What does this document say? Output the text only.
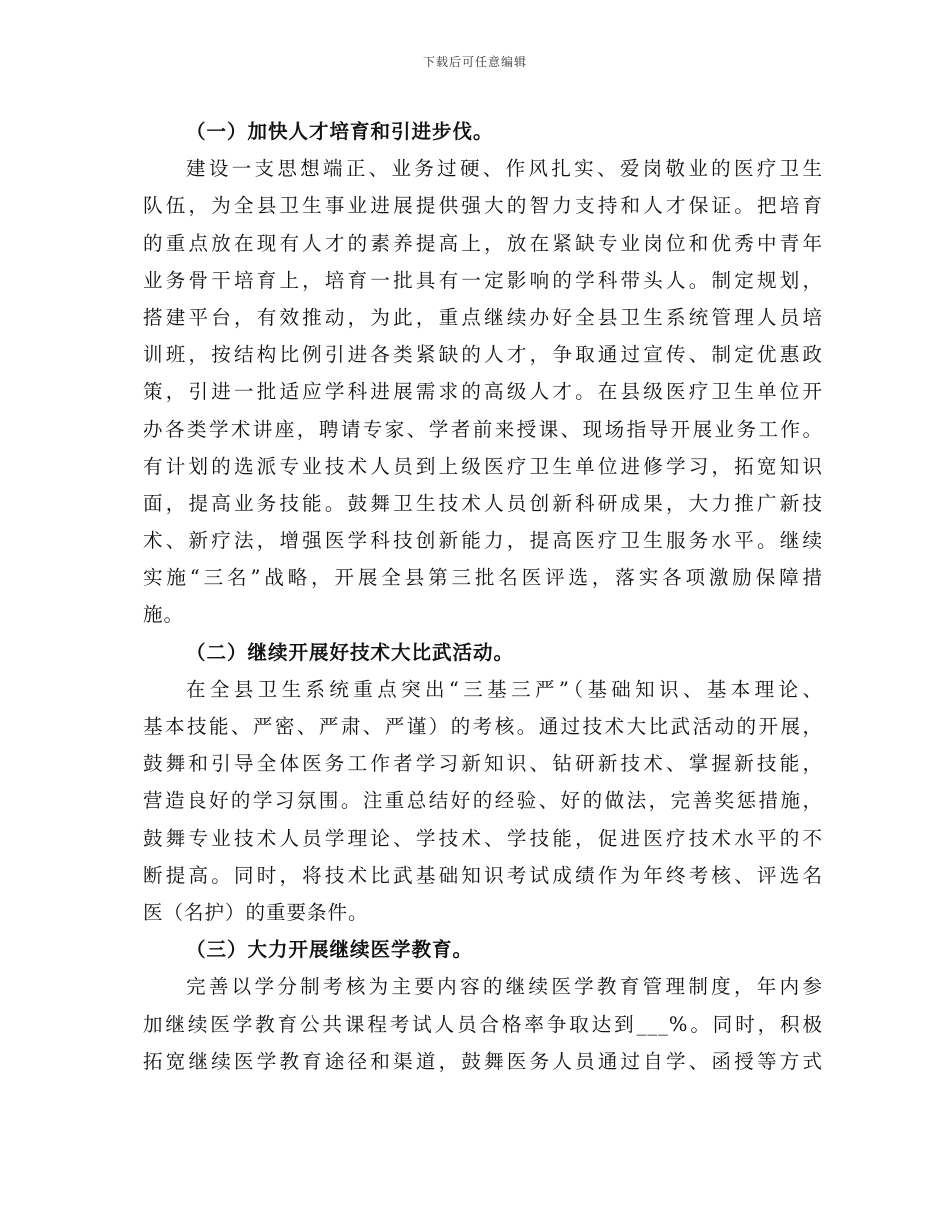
下载后可任意编辑

（一）加快人才培育和引进步伐。

建设一支思想端正、业务过硬、作风扎实、爱岗敬业的医疗卫生

队伍，为全县卫生事业进展提供强大的智力支持和人才保证。把培育

的重点放在现有人才的素养提高上，放在紧缺专业岗位和优秀中青年

业务骨干培育上，培育一批具有一定影响的学科带头人。制定规划，

搭建平台，有效推动，为此，重点继续办好全县卫生系统管理人员培

训班，按结构比例引进各类紧缺的人才，争取通过宣传、制定优惠政

策，引进一批适应学科进展需求的高级人才。在县级医疗卫生单位开

办各类学术讲座，聘请专家、学者前来授课、现场指导开展业务工作。

有计划的选派专业技术人员到上级医疗卫生单位进修学习，拓宽知识

面，提高业务技能。鼓舞卫生技术人员创新科研成果，大力推广新技

术、新疗法，增强医学科技创新能力，提高医疗卫生服务水平。继续

实施“三名”战略，开展全县第三批名医评选，落实各项激励保障措

施。

（二）继续开展好技术大比武活动。

在全县卫生系统重点突出“三基三严”（基础知识、基本理论、

基本技能、严密、严肃、严谨）的考核。通过技术大比武活动的开展，

鼓舞和引导全体医务工作者学习新知识、钻研新技术、掌握新技能，

营造良好的学习氛围。注重总结好的经验、好的做法，完善奖惩措施，

鼓舞专业技术人员学理论、学技术、学技能，促进医疗技术水平的不

断提高。同时，将技术比武基础知识考试成绩作为年终考核、评选名

医（名护）的重要条件。

（三）大力开展继续医学教育。

完善以学分制考核为主要内容的继续医学教育管理制度，年内参

加继续医学教育公共课程考试人员合格率争取达到___%。同时，积极

拓宽继续医学教育途径和渠道，鼓舞医务人员通过自学、函授等方式
